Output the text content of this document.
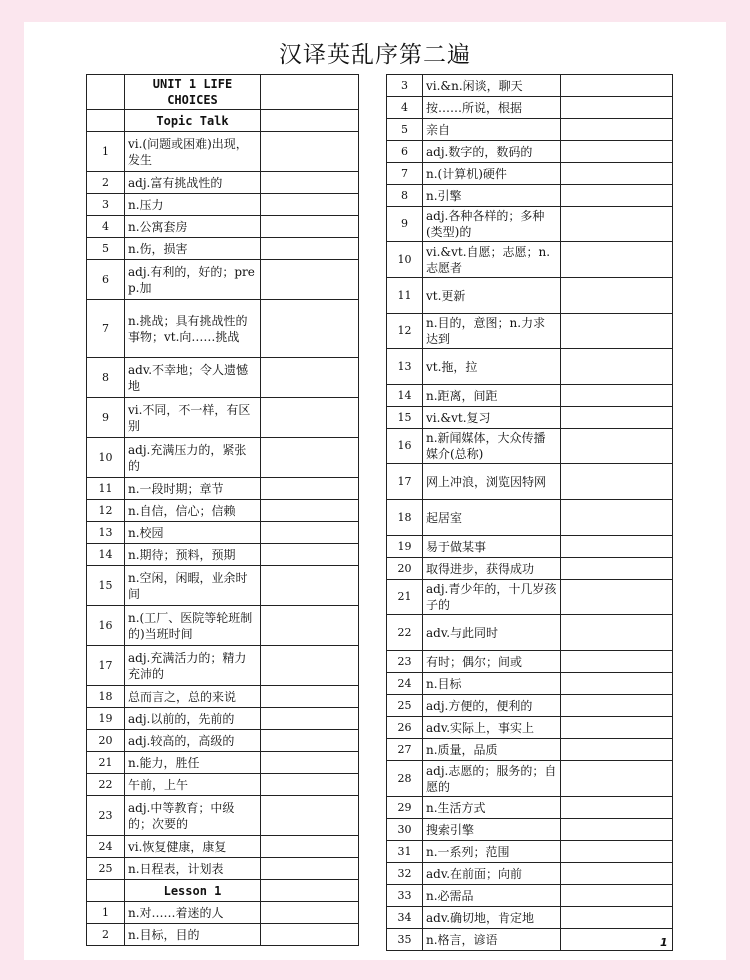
汉译英乱序第二遍
	UNIT 1 LIFE CHOICES	
	Topic Talk	
1	vi.(问题或困难)出现，发生	
2	adj.富有挑战性的	
3	n.压力	
4	n.公寓套房	
5	n.伤，损害	
6	adj.有利的，好的；prep.加	
7	n.挑战；具有挑战性的事物；vt.向……挑战	
8	adv.不幸地；令人遗憾地	
9	vi.不同，不一样，有区别	
10	adj.充满压力的，紧张的	
11	n.一段时期；章节	
12	n.自信，信心；信赖	
13	n.校园	
14	n.期待；预料，预期	
15	n.空闲，闲暇，业余时间	
16	n.(工厂、医院等轮班制的)当班时间	
17	adj.充满活力的；精力充沛的	
18	总而言之，总的来说	
19	adj.以前的，先前的	
20	adj.较高的，高级的	
21	n.能力，胜任	
22	午前，上午	
23	adj.中等教育；中级的；次要的	
24	vi.恢复健康，康复	
25	n.日程表，计划表	
	Lesson 1	
1	n.对……着迷的人	
2	n.目标，目的	
3	vi.&n.闲谈，聊天	
4	按……所说，根据	
5	亲自	
6	adj.数字的，数码的	
7	n.(计算机)硬件	
8	n.引擎	
9	adj.各种各样的；多种(类型)的	
10	vi.&vt.自愿；志愿；n.志愿者	
11	vt.更新	
12	n.目的，意图；n.力求达到	
13	vt.拖，拉	
14	n.距离，间距	
15	vi.&vt.复习	
16	n.新闻媒体，大众传播媒介(总称)	
17	网上冲浪，浏览因特网	
18	起居室	
19	易于做某事	
20	取得进步，获得成功	
21	adj.青少年的，十几岁孩子的	
22	adv.与此同时	
23	有时；偶尔；间或	
24	n.目标	
25	adj.方便的，便利的	
26	adv.实际上，事实上	
27	n.质量，品质	
28	adj.志愿的；服务的；自愿的	
29	n.生活方式	
30	搜索引擎	
31	n.一系列；范围	
32	adv.在前面；向前	
33	n.必需品	
34	adv.确切地，肯定地	
35	n.格言，谚语		1
